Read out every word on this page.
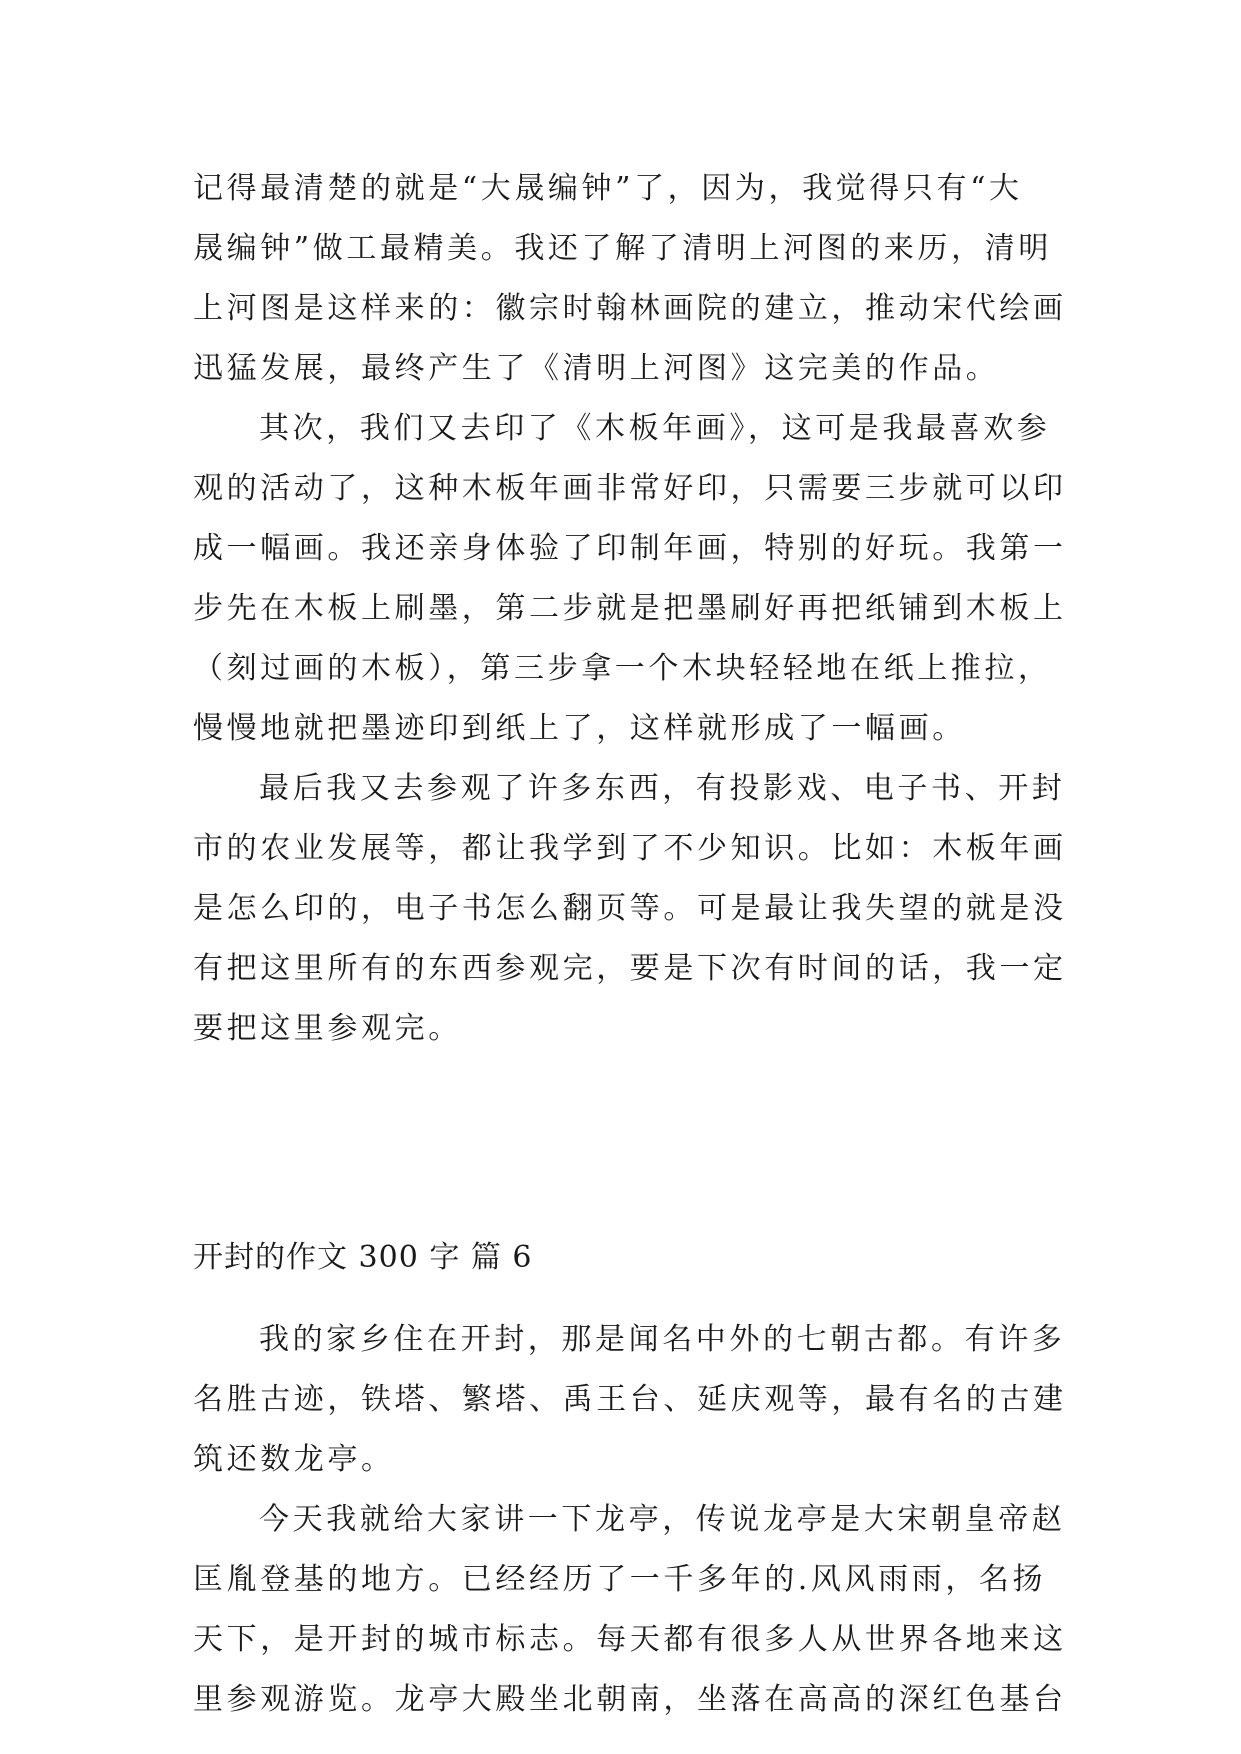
记得最清楚的就是“大晟编钟”了，因为，我觉得只有“大
晟编钟”做工最精美。我还了解了清明上河图的来历，清明
上河图是这样来的：徽宗时翰林画院的建立，推动宋代绘画
迅猛发展，最终产生了《清明上河图》这完美的作品。
其次，我们又去印了《木板年画》，这可是我最喜欢参
观的活动了，这种木板年画非常好印，只需要三步就可以印
成一幅画。我还亲身体验了印制年画，特别的好玩。我第一
步先在木板上刷墨，第二步就是把墨刷好再把纸铺到木板上
（刻过画的木板），第三步拿一个木块轻轻地在纸上推拉，
慢慢地就把墨迹印到纸上了，这样就形成了一幅画。
最后我又去参观了许多东西，有投影戏、电子书、开封
市的农业发展等，都让我学到了不少知识。比如：木板年画
是怎么印的，电子书怎么翻页等。可是最让我失望的就是没
有把这里所有的东西参观完，要是下次有时间的话，我一定
要把这里参观完。
开封的作文 300 字 篇 6
我的家乡住在开封，那是闻名中外的七朝古都。有许多
名胜古迹，铁塔、繁塔、禹王台、延庆观等，最有名的古建
筑还数龙亭。
今天我就给大家讲一下龙亭，传说龙亭是大宋朝皇帝赵
匡胤登基的地方。已经经历了一千多年的.风风雨雨，名扬
天下，是开封的城市标志。每天都有很多人从世界各地来这
里参观游览。龙亭大殿坐北朝南，坐落在高高的深红色基台
